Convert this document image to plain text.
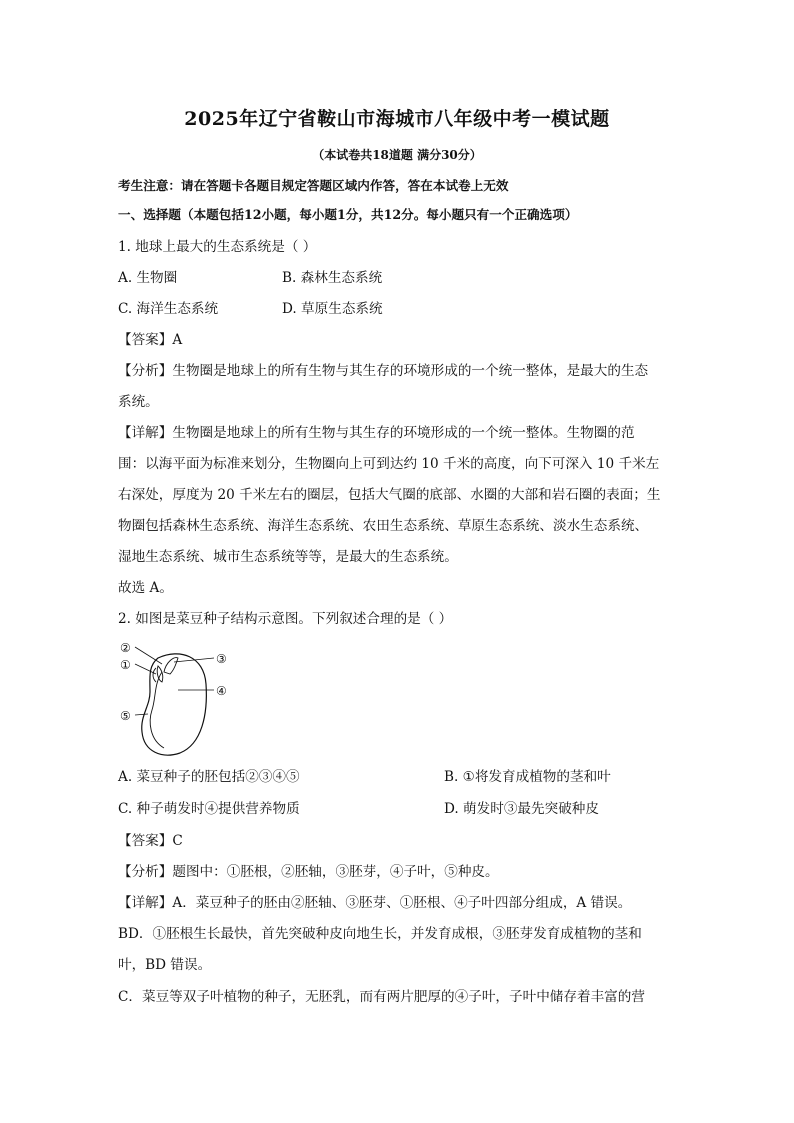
2025年辽宁省鞍山市海城市八年级中考一模试题
（本试卷共18道题 满分30分）
考生注意：请在答题卡各题目规定答题区域内作答，答在本试卷上无效
一、选择题（本题包括12小题，每小题1分，共12分。每小题只有一个正确选项）
1. 地球上最大的生态系统是（ ）
A. 生物圈	B. 森林生态系统
C. 海洋生态系统	D. 草原生态系统
【答案】A
【分析】生物圈是地球上的所有生物与其生存的环境形成的一个统一整体，是最大的生态
系统。
【详解】生物圈是地球上的所有生物与其生存的环境形成的一个统一整体。生物圈的范
围：以海平面为标准来划分，生物圈向上可到达约 10 千米的高度，向下可深入 10 千米左
右深处，厚度为 20 千米左右的圈层，包括大气圈的底部、水圈的大部和岩石圈的表面；生
物圈包括森林生态系统、海洋生态系统、农田生态系统、草原生态系统、淡水生态系统、
湿地生态系统、城市生态系统等等，是最大的生态系统。
故选 A。
2. 如图是菜豆种子结构示意图。下列叙述合理的是（ ）
②
①
⑤
③
④
A. 菜豆种子的胚包括②③④⑤	B. ①将发育成植物的茎和叶
C. 种子萌发时④提供营养物质	D. 萌发时③最先突破种皮
【答案】C
【分析】题图中：①胚根，②胚轴，③胚芽，④子叶，⑤种皮。
【详解】A．菜豆种子的胚由②胚轴、③胚芽、①胚根、④子叶四部分组成，A 错误。
BD．①胚根生长最快，首先突破种皮向地生长，并发育成根，③胚芽发育成植物的茎和
叶，BD 错误。
C．菜豆等双子叶植物的种子，无胚乳，而有两片肥厚的④子叶，子叶中储存着丰富的营
